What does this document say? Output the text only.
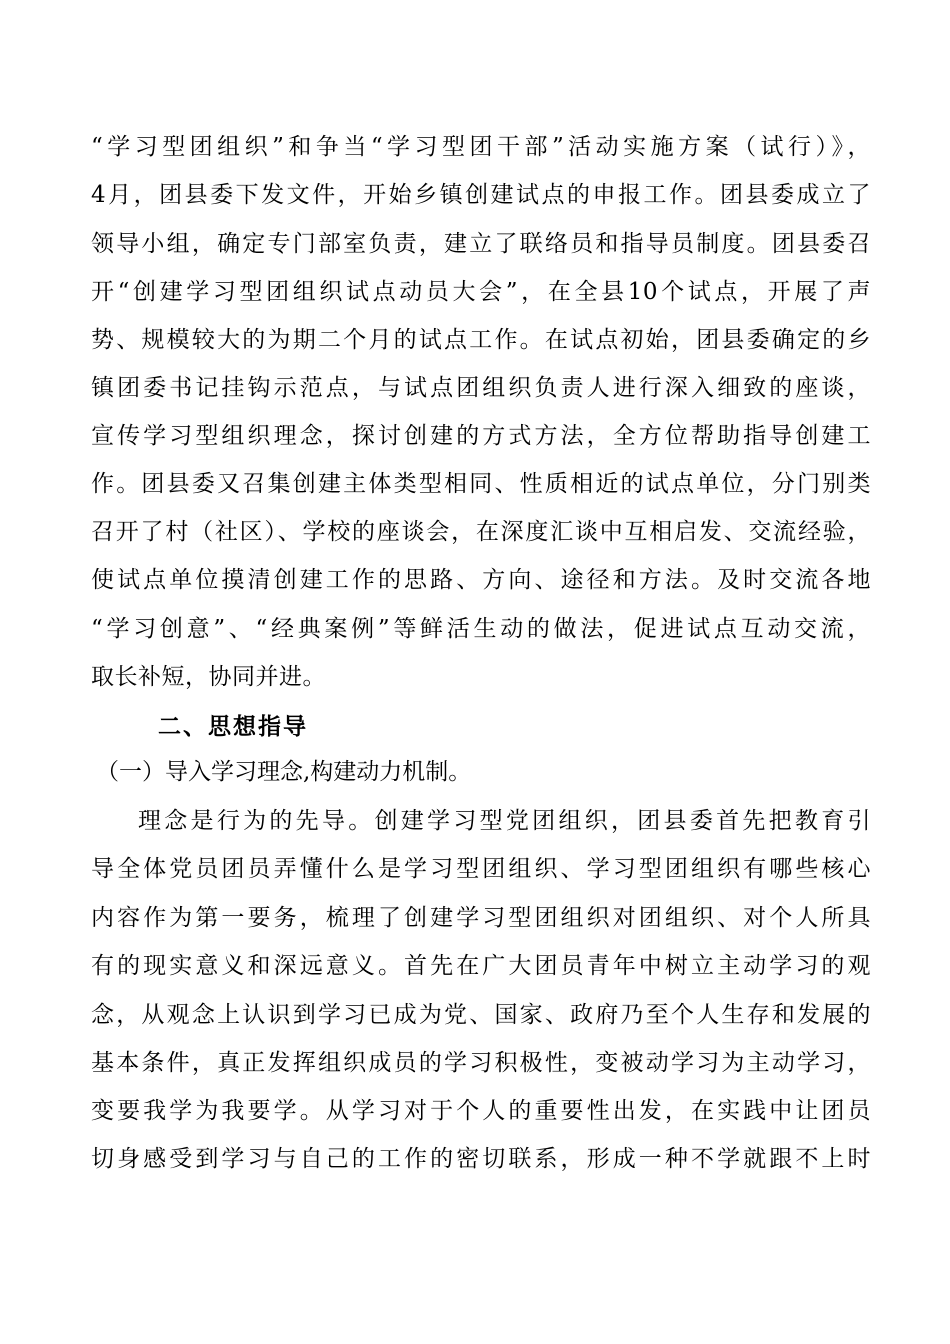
“学习型团组织”和争当“学习型团干部”活动实施方案（试行）》，
4月，团县委下发文件，开始乡镇创建试点的申报工作。团县委成立了
领导小组，确定专门部室负责，建立了联络员和指导员制度。团县委召
开“创建学习型团组织试点动员大会”，在全县10个试点，开展了声
势、规模较大的为期二个月的试点工作。在试点初始，团县委确定的乡
镇团委书记挂钩示范点，与试点团组织负责人进行深入细致的座谈，
宣传学习型组织理念，探讨创建的方式方法，全方位帮助指导创建工
作。团县委又召集创建主体类型相同、性质相近的试点单位，分门别类
召开了村（社区）、学校的座谈会，在深度汇谈中互相启发、交流经验，
使试点单位摸清创建工作的思路、方向、途径和方法。及时交流各地
“学习创意”、“经典案例”等鲜活生动的做法，促进试点互动交流，
取长补短，协同并进。
二、思想指导
（一）导入学习理念,构建动力机制。
理念是行为的先导。创建学习型党团组织，团县委首先把教育引
导全体党员团员弄懂什么是学习型团组织、学习型团组织有哪些核心
内容作为第一要务，梳理了创建学习型团组织对团组织、对个人所具
有的现实意义和深远意义。首先在广大团员青年中树立主动学习的观
念，从观念上认识到学习已成为党、国家、政府乃至个人生存和发展的
基本条件，真正发挥组织成员的学习积极性，变被动学习为主动学习，
变要我学为我要学。从学习对于个人的重要性出发，在实践中让团员
切身感受到学习与自己的工作的密切联系，形成一种不学就跟不上时
